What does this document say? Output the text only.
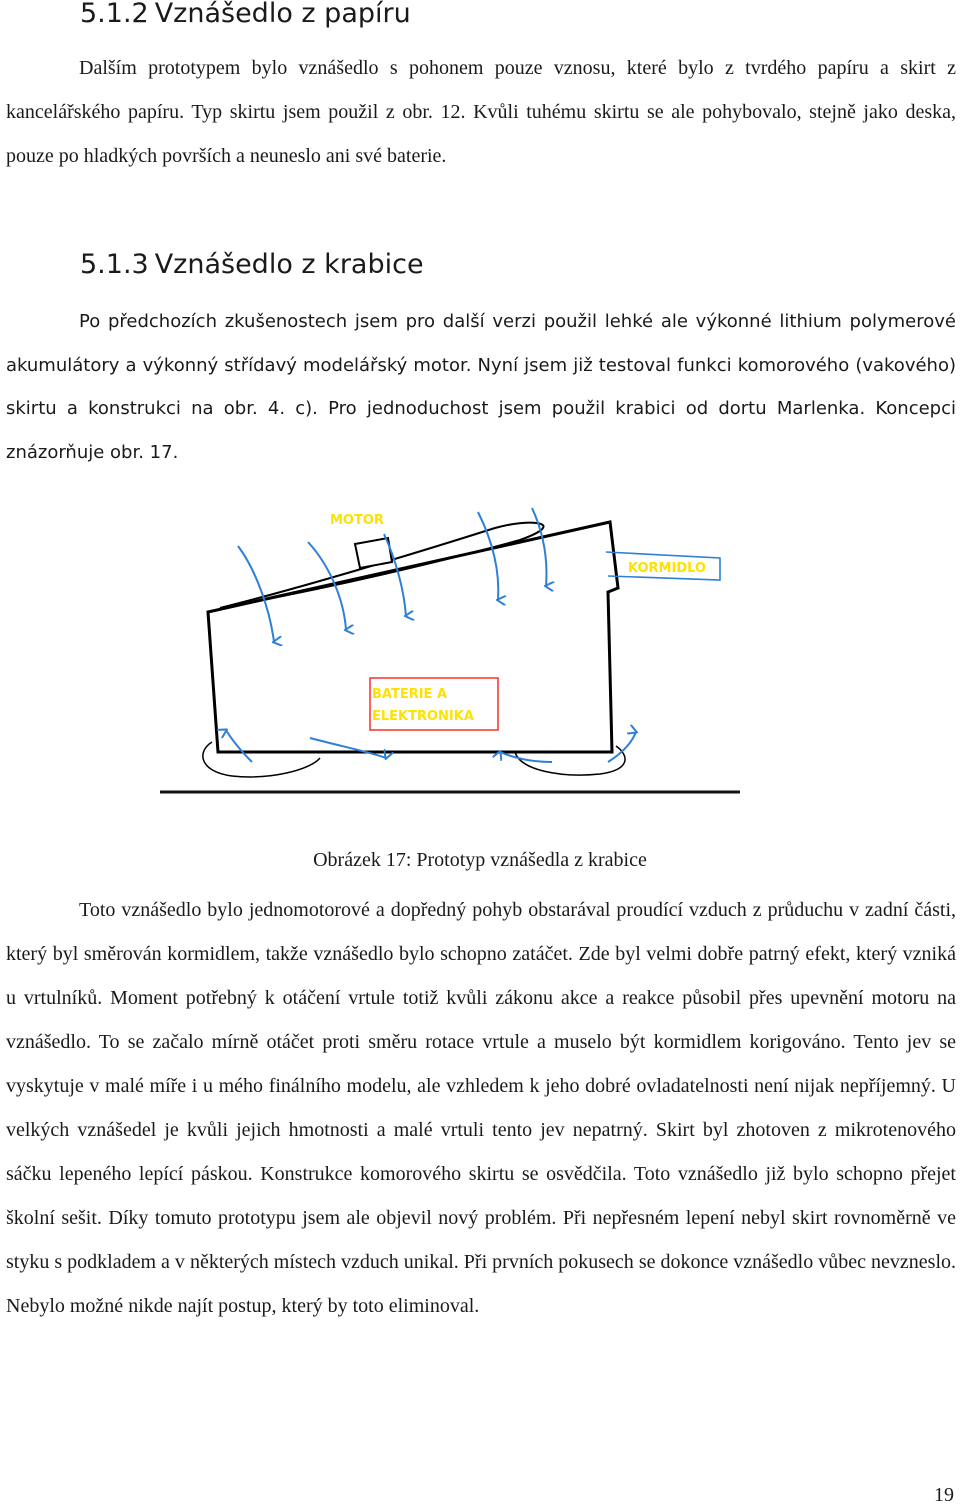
5.1.2 Vznášedlo z papíru

Dalším prototypem bylo vznášedlo s pohonem pouze vznosu, které bylo z tvrdého papíru a skirt z kancelářského papíru. Typ skirtu jsem použil z obr. 12. Kvůli tuhému skirtu se ale pohybovalo, stejně jako deska, pouze po hladkých površích a neuneslo ani své baterie.

5.1.3 Vznášedlo z krabice

Po předchozích zkušenostech jsem pro další verzi použil lehké ale výkonné lithium polymerové akumulátory a výkonný střídavý modelářský motor. Nyní jsem již testoval funkci komorového (vakového) skirtu a konstrukci na obr. 4. c). Pro jednoduchost jsem použil krabici od dortu Marlenka. Koncepci znázorňuje obr. 17.

MOTOR
KORMIDLO
BATERIE A
ELEKTRONIKA
Obrázek 17: Prototyp vznášedla z krabice

Toto vznášedlo bylo jednomotorové a dopředný pohyb obstarával proudící vzduch z průduchu v zadní části, který byl směrován kormidlem, takže vznášedlo bylo schopno zatáčet. Zde byl velmi dobře patrný efekt, který vzniká u vrtulníků. Moment potřebný k otáčení vrtule totiž kvůli zákonu akce a reakce působil přes upevnění motoru na vznášedlo. To se začalo mírně otáčet proti směru rotace vrtule a muselo být kormidlem korigováno. Tento jev se vyskytuje v malé míře i u mého finálního modelu, ale vzhledem k jeho dobré ovladatelnosti není nijak nepříjemný. U velkých vznášedel je kvůli jejich hmotnosti a malé vrtuli tento jev nepatrný. Skirt byl zhotoven z mikrotenového sáčku lepeného lepící páskou. Konstrukce komorového skirtu se osvědčila. Toto vznášedlo již bylo schopno přejet školní sešit. Díky tomuto prototypu jsem ale objevil nový problém. Při nepřesném lepení nebyl skirt rovnoměrně ve styku s podkladem a v některých místech vzduch unikal. Při prvních pokusech se dokonce vznášedlo vůbec nevzneslo. Nebylo možné nikde najít postup, který by toto eliminoval.

19
